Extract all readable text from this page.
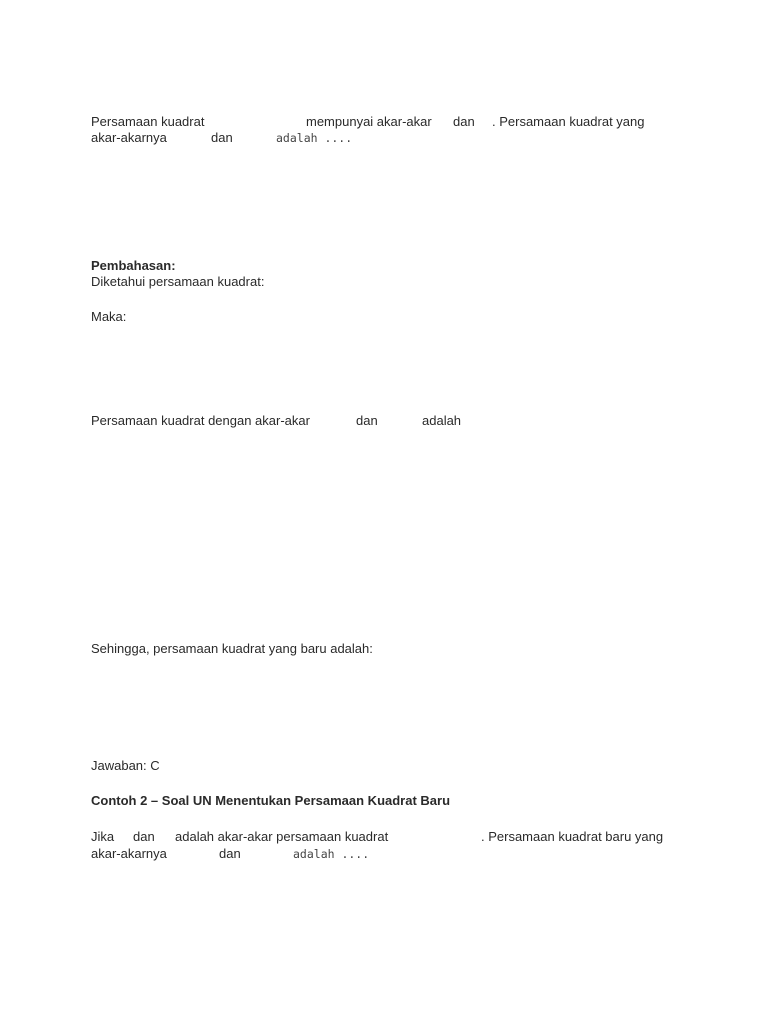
Persamaan kuadrat	mempunyai akar-akar dan . Persamaan kuadrat yang
akar-akarnya	dan	adalah ....
Pembahasan:
Diketahui persamaan kuadrat:
Maka:
Persamaan kuadrat dengan akar-akar	dan	adalah
Sehingga, persamaan kuadrat yang baru adalah:
Jawaban: C
Contoh 2 – Soal UN Menentukan Persamaan Kuadrat Baru
Jika dan adalah akar-akar persamaan kuadrat	. Persamaan kuadrat baru yang
akar-akarnya	dan	adalah ....
